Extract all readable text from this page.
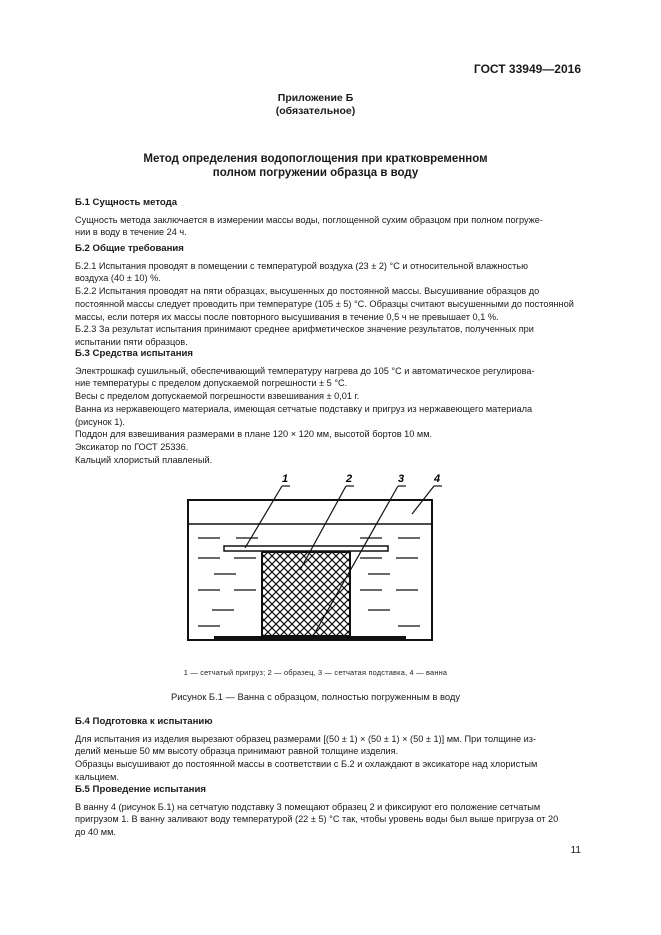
ГОСТ 33949—2016
Приложение Б
(обязательное)
Метод определения водопоглощения при кратковременном
полном погружении образца в воду

Б.1 Сущность метода

Сущность метода заключается в измерении массы воды, поглощенной сухим образцом при полном погруже-

нии в воду в течение 24 ч.

Б.2 Общие требования

Б.2.1 Испытания проводят в помещении с температурой воздуха (23 ± 2) °С и относительной влажностью

воздуха (40 ± 10) %.

Б.2.2 Испытания проводят на пяти образцах, высушенных до постоянной массы. Высушивание образцов до

постоянной массы следует проводить при температуре (105 ± 5) °С. Образцы считают высушенными до постоянной

массы, если потеря их массы после повторного высушивания в течение 0,5 ч не превышает 0,1 %.

Б.2.3 За результат испытания принимают среднее арифметическое значение результатов, полученных при

испытании пяти образцов.

Б.3 Средства испытания

Электрошкаф сушильный, обеспечивающий температуру нагрева до 105 °С и автоматическое регулирова-

ние температуры с пределом допускаемой погрешности ± 5 °С.

Весы с пределом допускаемой погрешности взвешивания ± 0,01 г.

Ванна из нержавеющего материала, имеющая сетчатые подставку и пригруз из нержавеющего материала

(рисунок 1).

Поддон для взвешивания размерами в плане 120 × 120 мм, высотой бортов 10 мм.

Эксикатор по ГОСТ 25336.

Кальций хлористый плавленый.

1	2	3	4
1 — сетчатый пригруз; 2 — образец, 3 — сетчатая подставка, 4 — ванна
Рисунок Б.1 — Ванна с образцом, полностью погруженным в воду

Б.4 Подготовка к испытанию

Для испытания из изделия вырезают образец размерами [(50 ± 1) × (50 ± 1) × (50 ± 1)] мм. При толщине из-

делий меньше 50 мм высоту образца принимают равной толщине изделия.

Образцы высушивают до постоянной массы в соответствии с Б.2 и охлаждают в эксикаторе над хлористым

кальцием.

Б.5 Проведение испытания

В ванну 4 (рисунок Б.1) на сетчатую подставку 3 помещают образец 2 и фиксируют его положение сетчатым

пригрузом 1. В ванну заливают воду температурой (22 ± 5) °С так, чтобы уровень воды был выше пригруза от 20

до 40 мм.

11
